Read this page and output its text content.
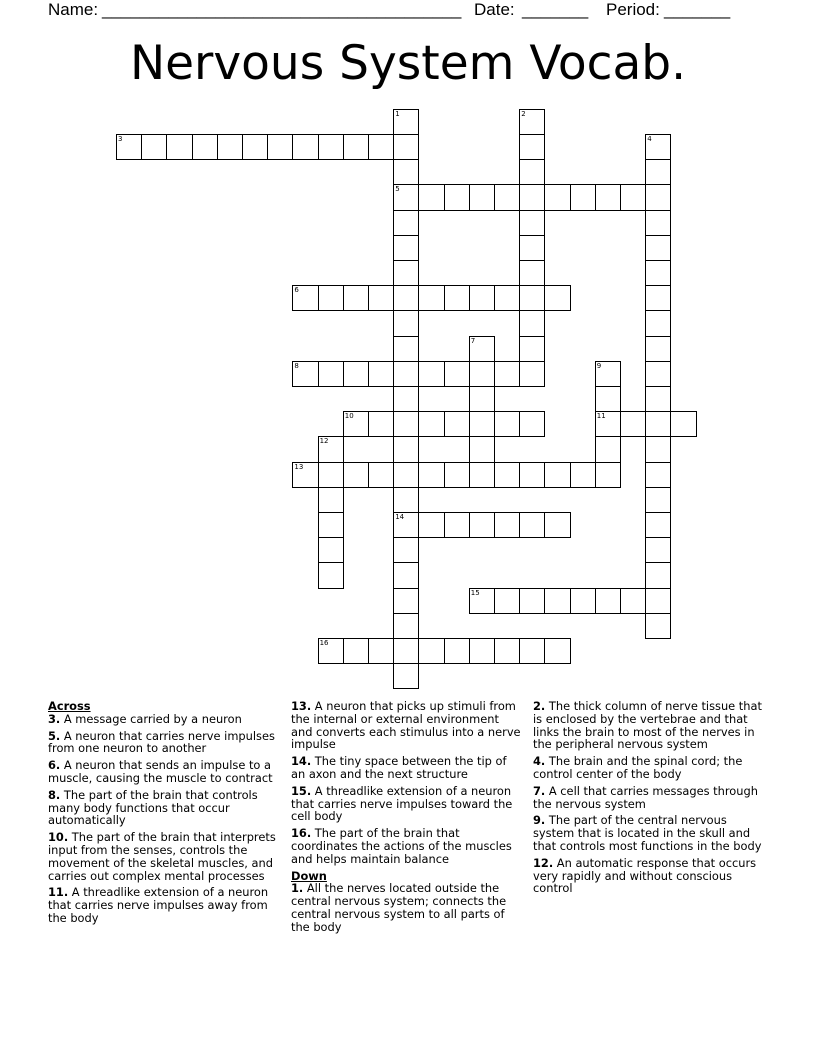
Name:

______________________________________

Date:

_______

Period:

_______

Nervous System Vocab.
3
5
6
8
10	11
13
14
15
16
1	2
4
7
9
12
Across
3. A message carried by a neuron
5. A neuron that carries nerve impulses from one neuron to another
6. A neuron that sends an impulse to a muscle, causing the muscle to contract
8. The part of the brain that controls many body functions that occur automatically
10. The part of the brain that interprets input from the senses, controls the movement of the skeletal muscles, and carries out complex mental processes
11. A threadlike extension of a neuron that carries nerve impulses away from the body
13. A neuron that picks up stimuli from the internal or external environment and converts each stimulus into a nerve impulse
14. The tiny space between the tip of an axon and the next structure
15. A threadlike extension of a neuron that carries nerve impulses toward the cell body
16. The part of the brain that coordinates the actions of the muscles and helps maintain balance
Down
1. All the nerves located outside the central nervous system; connects the central nervous system to all parts of the body
2. The thick column of nerve tissue that is enclosed by the vertebrae and that links the brain to most of the nerves in the peripheral nervous system
4. The brain and the spinal cord; the control center of the body
7. A cell that carries messages through the nervous system
9. The part of the central nervous system that is located in the skull and that controls most functions in the body
12. An automatic response that occurs very rapidly and without conscious control
